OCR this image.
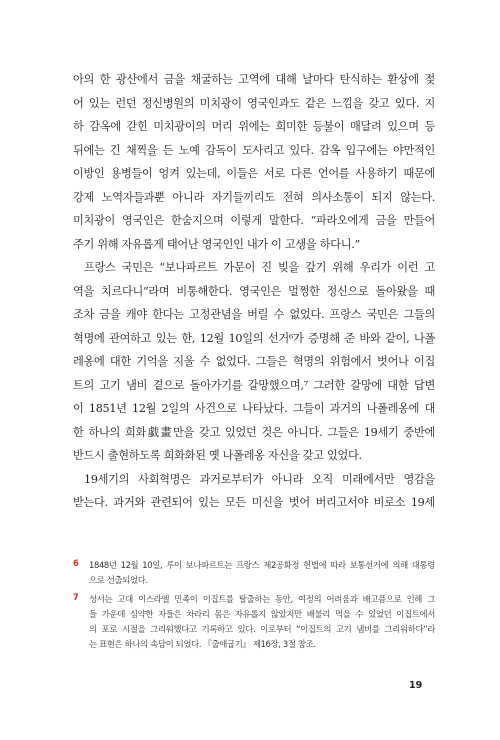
아의 한 광산에서 금을 채굴하는 고역에 대해 날마다 탄식하는 환상에 젖
어 있는 런던 정신병원의 미치광이 영국인과도 같은 느낌을 갖고 있다. 지
하 감옥에 갇힌 미치광이의 머리 위에는 희미한 등불이 매달려 있으며 등
뒤에는 긴 채찍을 든 노예 감독이 도사리고 있다. 감옥 입구에는 야만적인
이방인 용병들이 엉켜 있는데, 이들은 서로 다른 언어를 사용하기 때문에
강제 노역자들과뿐 아니라 자기들끼리도 전혀 의사소통이 되지 않는다.
미치광이 영국인은 한숨지으며 이렇게 말한다. “파라오에게 금을 만들어
주기 위해 자유롭게 태어난 영국인인 내가 이 고생을 하다니.”
프랑스 국민은 “보나파르트 가문이 진 빚을 갚기 위해 우리가 이런 고
역을 치르다니”라며 비통해한다. 영국인은 멀쩡한 정신으로 돌아왔을 때
조차 금을 캐야 한다는 고정관념을 버릴 수 없었다. 프랑스 국민은 그들의
혁명에 관여하고 있는 한, 12월 10일의 선거⁶가 증명해 준 바와 같이, 나폴
레옹에 대한 기억을 지울 수 없었다. 그들은 혁명의 위험에서 벗어나 이집
트의 고기 냄비 곁으로 돌아가기를 갈망했으며,⁷ 그러한 갈망에 대한 답변
이 1851년 12월 2일의 사건으로 나타났다. 그들이 과거의 나폴레옹에 대
한 하나의 희화戱畫만을 갖고 있었던 것은 아니다. 그들은 19세기 중반에
반드시 출현하도록 희화화된 옛 나폴레옹 자신을 갖고 있었다.
19세기의 사회혁명은 과거로부터가 아니라 오직 미래에서만 영감을
받는다. 과거와 관련되어 있는 모든 미신을 벗어 버리고서야 비로소 19세
6	1848년 12월 10일, 루이 보나파르트는 프랑스 제2공화정 헌법에 따라 보통선거에 의해 대통령
으로 선출되었다.
7	성서는 고대 이스라엘 민족이 이집트를 탈출하는 동안, 여정의 어려움과 배고픔으로 인해 그
들 가운데 심약한 자들은 차라리 몸은 자유롭지 않았지만 배불리 먹을 수 있었던 이집트에서
의 포로 시절을 그리워했다고 기록하고 있다. 이로부터 “이집트의 고기 냄비를 그리워하다”라
는 표현은 하나의 속담이 되었다. 『출애굽기』 제16장, 3절 참조.
19
